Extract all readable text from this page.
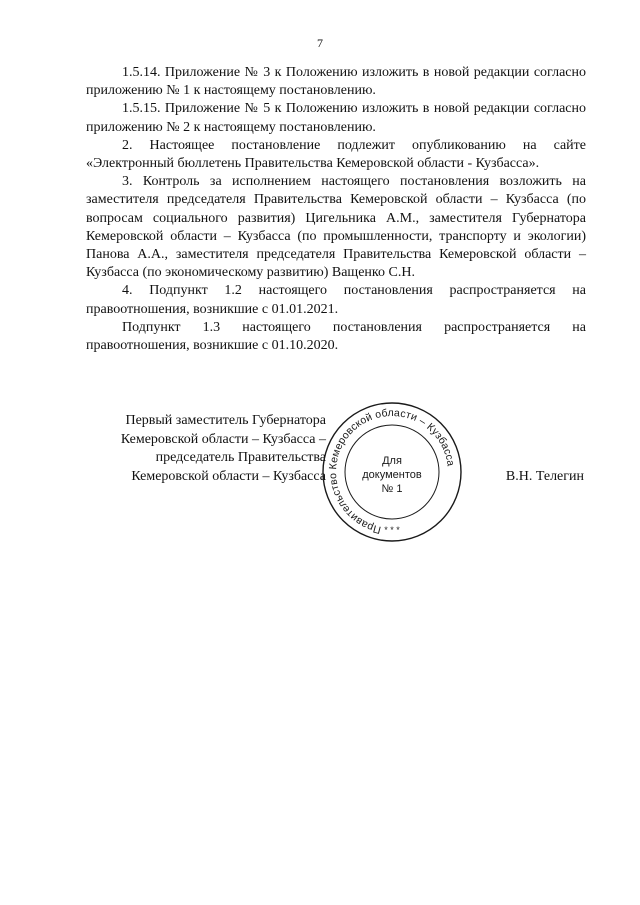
7

1.5.14. Приложение № 3 к Положению изложить в новой редакции согласно приложению № 1 к настоящему постановлению.

1.5.15. Приложение № 5 к Положению изложить в новой редакции согласно приложению № 2 к настоящему постановлению.

2. Настоящее постановление подлежит опубликованию на сайте «Электронный бюллетень Правительства Кемеровской области - Кузбасса».

3. Контроль за исполнением настоящего постановления возложить на заместителя председателя Правительства Кемеровской области – Кузбасса (по вопросам социального развития) Цигельника А.М., заместителя Губернатора Кемеровской области – Кузбасса (по промышленности, транспорту и экологии) Панова А.А., заместителя председателя Правительства Кемеровской области – Кузбасса (по экономическому развитию) Ващенко С.Н.

4. Подпункт 1.2 настоящего постановления распространяется на правоотношения, возникшие с 01.01.2021.

Подпункт 1.3 настоящего постановления распространяется на правоотношения, возникшие с 01.10.2020.

Первый заместитель Губернатора
Кемеровской области – Кузбасса –
председатель Правительства
Кемеровской области – Кузбасса
Правительство Кемеровской области – Кузбасса
Для
документов
№ 1
* * *
В.Н. Телегин
